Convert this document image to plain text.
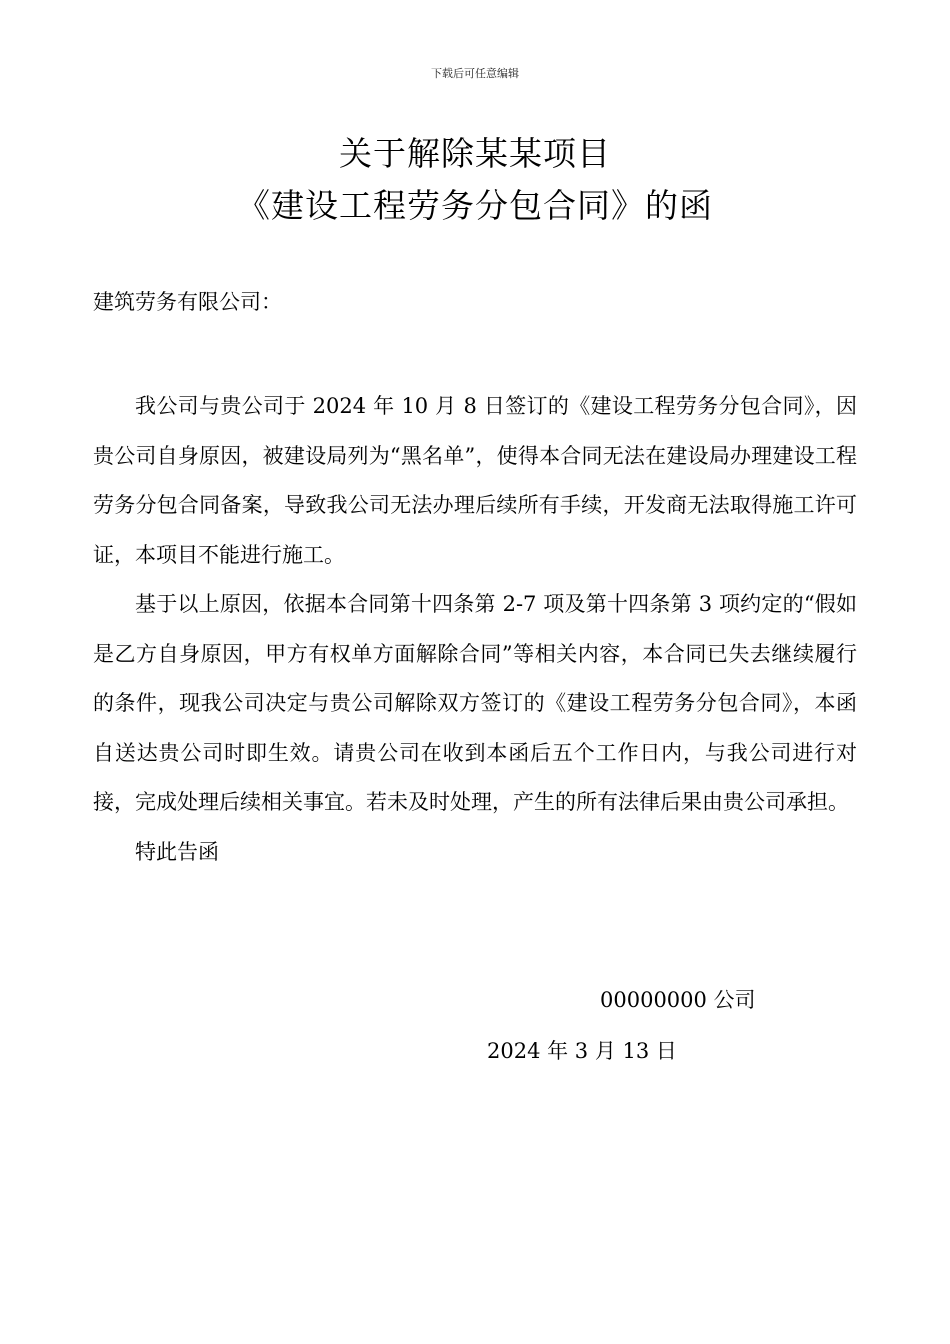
下载后可任意编辑
关于解除某某项目
《建设工程劳务分包合同》的函
建筑劳务有限公司：

我公司与贵公司于 2024 年 10 月 8 日签订的《建设工程劳务分包合同》，因贵公司自身原因，被建设局列为“黑名单”，使得本合同无法在建设局办理建设工程劳务分包合同备案，导致我公司无法办理后续所有手续，开发商无法取得施工许可证，本项目不能进行施工。

基于以上原因，依据本合同第十四条第 2-7 项及第十四条第 3 项约定的“假如是乙方自身原因，甲方有权单方面解除合同”等相关内容，本合同已失去继续履行的条件，现我公司决定与贵公司解除双方签订的《建设工程劳务分包合同》，本函自送达贵公司时即生效。请贵公司在收到本函后五个工作日内，与我公司进行对接，完成处理后续相关事宜。若未及时处理，产生的所有法律后果由贵公司承担。

特此告函

00000000 公司
2024 年 3 月 13 日
